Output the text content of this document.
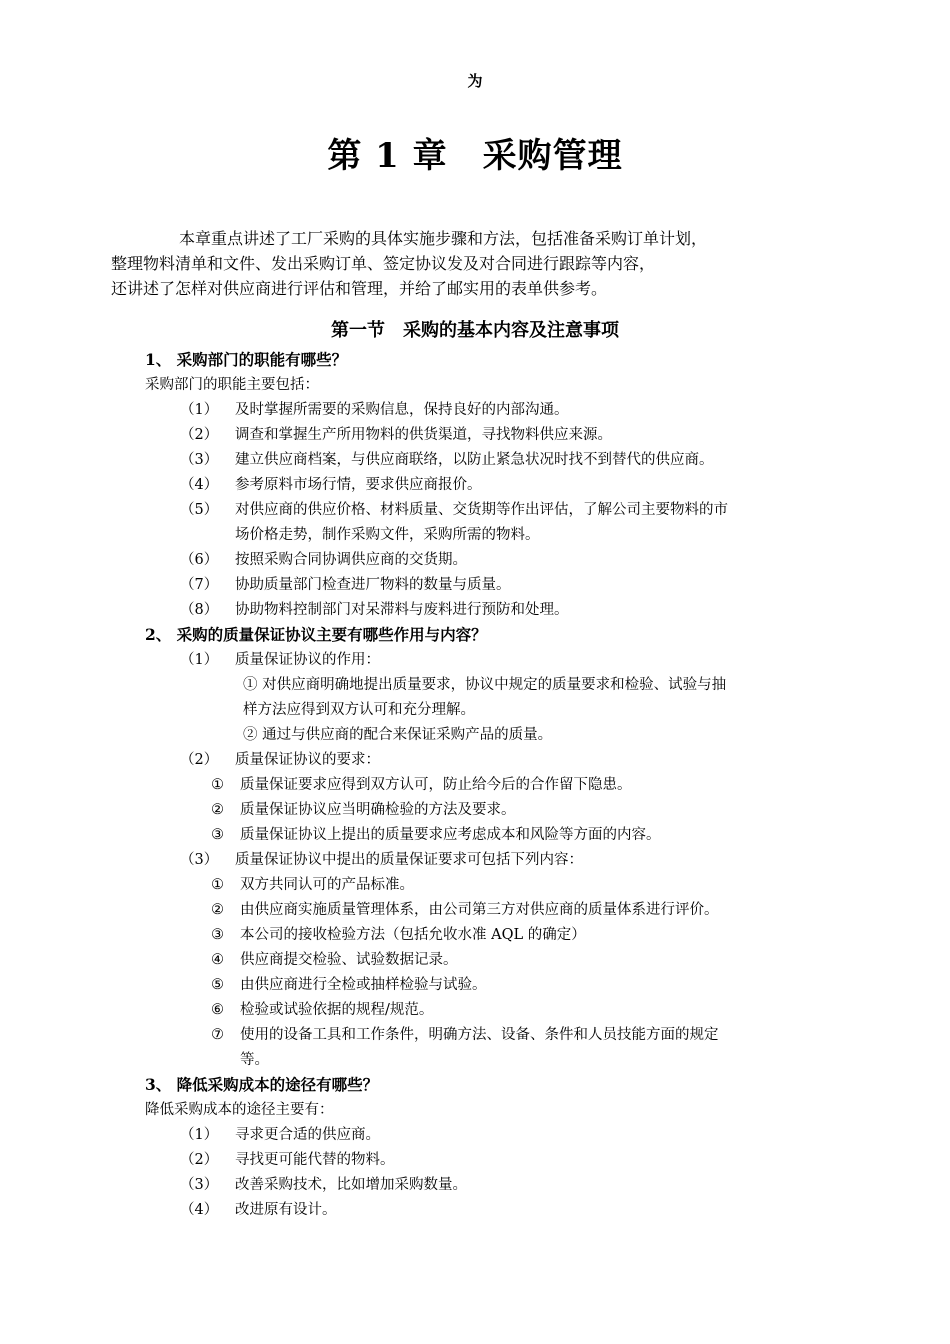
为
第 1 章　采购管理

本章重点讲述了工厂采购的具体实施步骤和方法，包括准备采购订单计划，
整理物料清单和文件、发出采购订单、签定协议发及对合同进行跟踪等内容，
还讲述了怎样对供应商进行评估和管理，并给了邮实用的表单供参考。

第一节　采购的基本内容及注意事项
1、 采购部门的职能有哪些？
采购部门的职能主要包括：
（1） 及时掌握所需要的采购信息，保持良好的内部沟通。
（2） 调查和掌握生产所用物料的供货渠道，寻找物料供应来源。
（3） 建立供应商档案，与供应商联络，以防止紧急状况时找不到替代的供应商。
（4） 参考原料市场行情，要求供应商报价。
（5） 对供应商的供应价格、材料质量、交货期等作出评估，了解公司主要物料的市
场价格走势，制作采购文件，采购所需的物料。
（6） 按照采购合同协调供应商的交货期。
（7） 协助质量部门检查进厂物料的数量与质量。
（8） 协助物料控制部门对呆滞料与废料进行预防和处理。
2、 采购的质量保证协议主要有哪些作用与内容？
（1） 质量保证协议的作用：
① 对供应商明确地提出质量要求，协议中规定的质量要求和检验、试验与抽
样方法应得到双方认可和充分理解。
② 通过与供应商的配合来保证采购产品的质量。
（2） 质量保证协议的要求：
① 质量保证要求应得到双方认可，防止给今后的合作留下隐患。
② 质量保证协议应当明确检验的方法及要求。
③ 质量保证协议上提出的质量要求应考虑成本和风险等方面的内容。
（3） 质量保证协议中提出的质量保证要求可包括下列内容：
① 双方共同认可的产品标准。
② 由供应商实施质量管理体系，由公司第三方对供应商的质量体系进行评价。
③ 本公司的接收检验方法（包括允收水准 AQL 的确定）
④ 供应商提交检验、试验数据记录。
⑤ 由供应商进行全检或抽样检验与试验。
⑥ 检验或试验依据的规程/规范。
⑦ 使用的设备工具和工作条件，明确方法、设备、条件和人员技能方面的规定
等。
3、 降低采购成本的途径有哪些？
降低采购成本的途径主要有：
（1） 寻求更合适的供应商。
（2） 寻找更可能代替的物料。
（3） 改善采购技术，比如增加采购数量。
（4） 改进原有设计。
